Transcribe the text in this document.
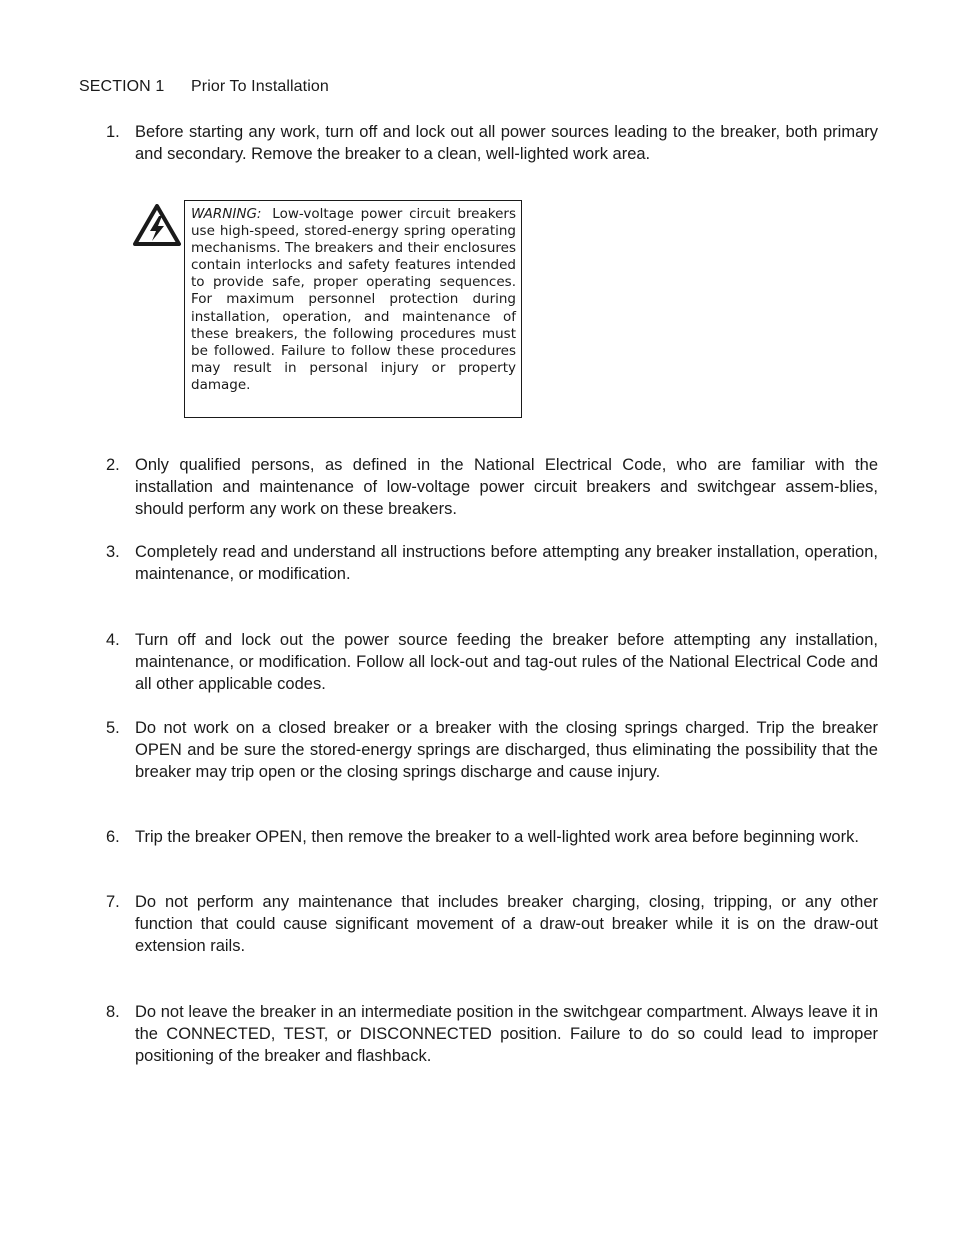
SECTION 1 Prior To Installation
1. Before starting any work, turn off and lock out all power sources leading to the breaker, both primary and secondary. Remove the breaker to a clean, well-lighted work area.
WARNING: Low-voltage power circuit breakers use high-speed, stored-energy spring operating mechanisms. The breakers and their enclosures contain interlocks and safety features intended to provide safe, proper operating sequences. For maximum personnel protection during installation, operation, and maintenance of these breakers, the following procedures must be followed. Failure to follow these procedures may result in personal injury or property damage.
2. Only qualified persons, as defined in the National Electrical Code, who are familiar with the installation and maintenance of low-voltage power circuit breakers and switchgear assem-blies, should perform any work on these breakers.
3. Completely read and understand all instructions before attempting any breaker installation, operation, maintenance, or modification.
4. Turn off and lock out the power source feeding the breaker before attempting any installation, maintenance, or modification. Follow all lock-out and tag-out rules of the National Electrical Code and all other applicable codes.
5. Do not work on a closed breaker or a breaker with the closing springs charged. Trip the breaker OPEN and be sure the stored-energy springs are discharged, thus eliminating the possibility that the breaker may trip open or the closing springs discharge and cause injury.
6. Trip the breaker OPEN, then remove the breaker to a well-lighted work area before beginning work.
7. Do not perform any maintenance that includes breaker charging, closing, tripping, or any other function that could cause significant movement of a draw-out breaker while it is on the draw-out extension rails.
8. Do not leave the breaker in an intermediate position in the switchgear compartment. Always leave it in the CONNECTED, TEST, or DISCONNECTED position. Failure to do so could lead to improper positioning of the breaker and flashback.
